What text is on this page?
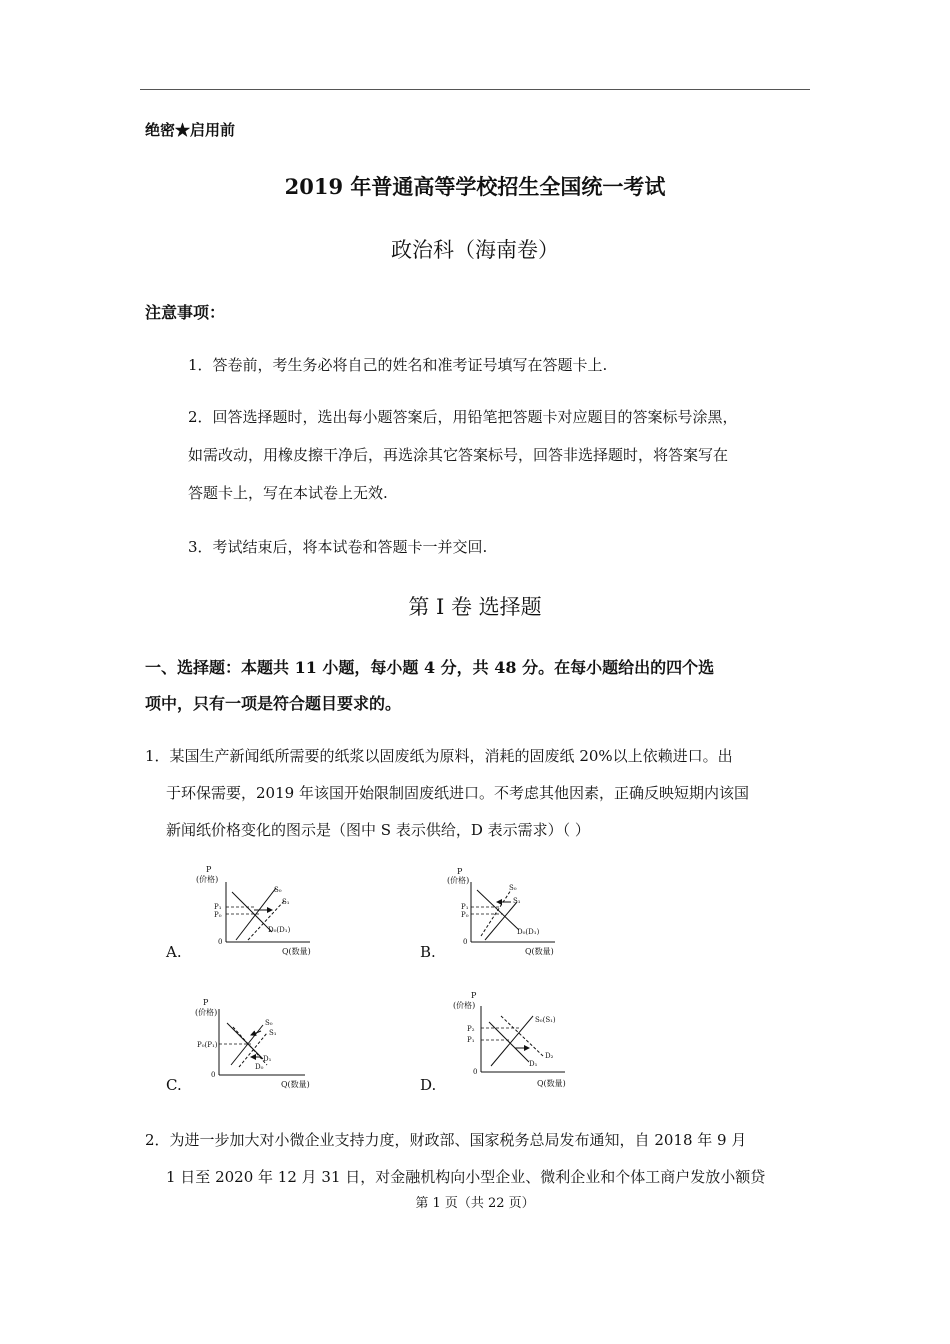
绝密★启用前
2019 年普通高等学校招生全国统一考试
政治科（海南卷）
注意事项：
1．答卷前，考生务必将自己的姓名和准考证号填写在答题卡上.
2．回答选择题时，选出每小题答案后，用铅笔把答题卡对应题目的答案标号涂黑，
如需改动，用橡皮擦干净后，再选涂其它答案标号，回答非选择题时，将答案写在
答题卡上，写在本试卷上无效.
3．考试结束后，将本试卷和答题卡一并交回.
第 I 卷 选择题
一、选择题：本题共 11 小题，每小题 4 分，共 48 分。在每小题给出的四个选
项中，只有一项是符合题目要求的。
1．某国生产新闻纸所需要的纸浆以固废纸为原料，消耗的固废纸 20%以上依赖进口。出
于环保需要，2019 年该国开始限制固废纸进口。不考虑其他因素，正确反映短期内该国
新闻纸价格变化的图示是（图中 S 表示供给，D 表示需求）（ ）
P
(价格)
0
Q(数量)
S₀
S₁
P₁
P₀
D₀(D₁)
A.
P
(价格)
0
Q(数量)
S₀
S₁
P₁
P₀
D₀(D₁)
B.
P
(价格)
0
Q(数量)
S₀
S₁
P₀(P₁)
D₁
D₀
C.
P
(价格)
0
Q(数量)
S₀(S₁)
P₂
P₁
D₂
D₁
D.
2．为进一步加大对小微企业支持力度，财政部、国家税务总局发布通知，自 2018 年 9 月
1 日至 2020 年 12 月 31 日，对金融机构向小型企业、微利企业和个体工商户发放小额贷
第 1 页（共 22 页）
